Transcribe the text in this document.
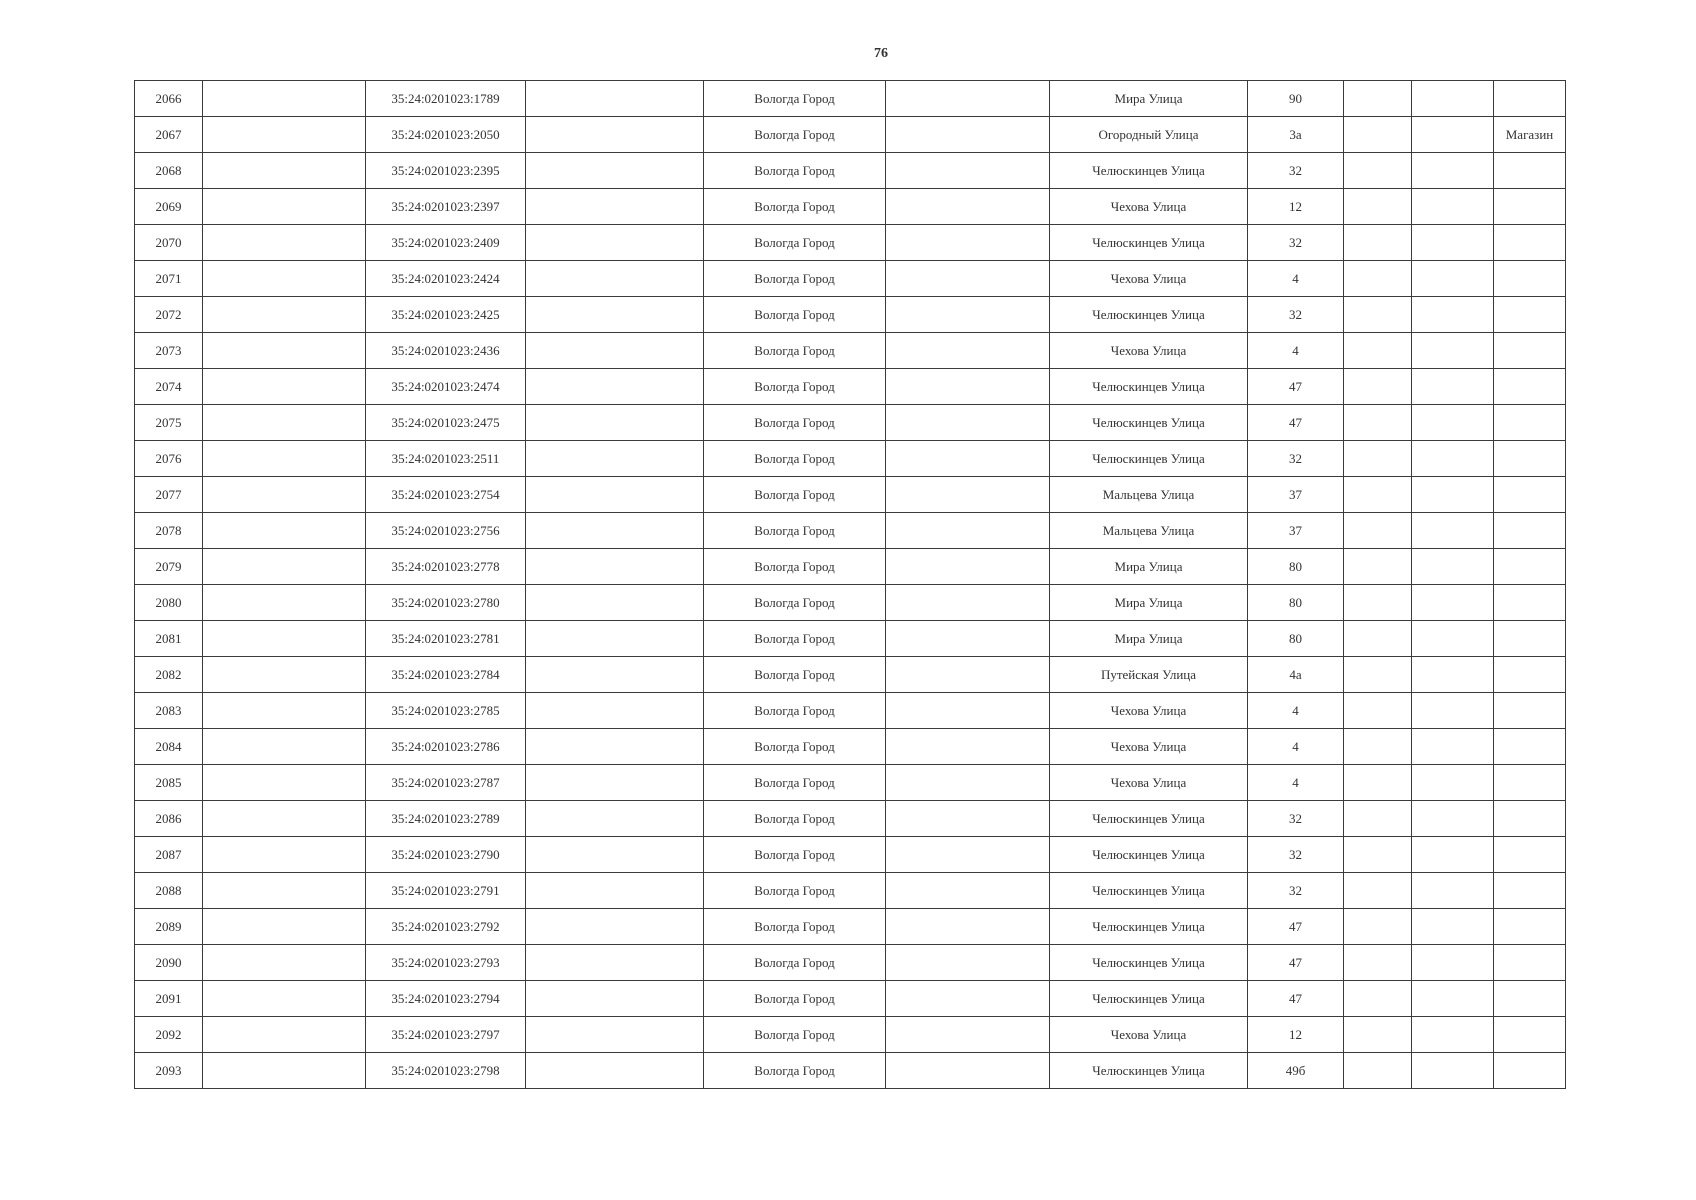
76
2066		35:24:0201023:1789		Вологда Город		Мира Улица	90			
2067		35:24:0201023:2050		Вологда Город		Огородный Улица	3а			Магазин
2068		35:24:0201023:2395		Вологда Город		Челюскинцев Улица	32			
2069		35:24:0201023:2397		Вологда Город		Чехова Улица	12			
2070		35:24:0201023:2409		Вологда Город		Челюскинцев Улица	32			
2071		35:24:0201023:2424		Вологда Город		Чехова Улица	4			
2072		35:24:0201023:2425		Вологда Город		Челюскинцев Улица	32			
2073		35:24:0201023:2436		Вологда Город		Чехова Улица	4			
2074		35:24:0201023:2474		Вологда Город		Челюскинцев Улица	47			
2075		35:24:0201023:2475		Вологда Город		Челюскинцев Улица	47			
2076		35:24:0201023:2511		Вологда Город		Челюскинцев Улица	32			
2077		35:24:0201023:2754		Вологда Город		Мальцева Улица	37			
2078		35:24:0201023:2756		Вологда Город		Мальцева Улица	37			
2079		35:24:0201023:2778		Вологда Город		Мира Улица	80			
2080		35:24:0201023:2780		Вологда Город		Мира Улица	80			
2081		35:24:0201023:2781		Вологда Город		Мира Улица	80			
2082		35:24:0201023:2784		Вологда Город		Путейская Улица	4а			
2083		35:24:0201023:2785		Вологда Город		Чехова Улица	4			
2084		35:24:0201023:2786		Вологда Город		Чехова Улица	4			
2085		35:24:0201023:2787		Вологда Город		Чехова Улица	4			
2086		35:24:0201023:2789		Вологда Город		Челюскинцев Улица	32			
2087		35:24:0201023:2790		Вологда Город		Челюскинцев Улица	32			
2088		35:24:0201023:2791		Вологда Город		Челюскинцев Улица	32			
2089		35:24:0201023:2792		Вологда Город		Челюскинцев Улица	47			
2090		35:24:0201023:2793		Вологда Город		Челюскинцев Улица	47			
2091		35:24:0201023:2794		Вологда Город		Челюскинцев Улица	47			
2092		35:24:0201023:2797		Вологда Город		Чехова Улица	12			
2093		35:24:0201023:2798		Вологда Город		Челюскинцев Улица	49б			
